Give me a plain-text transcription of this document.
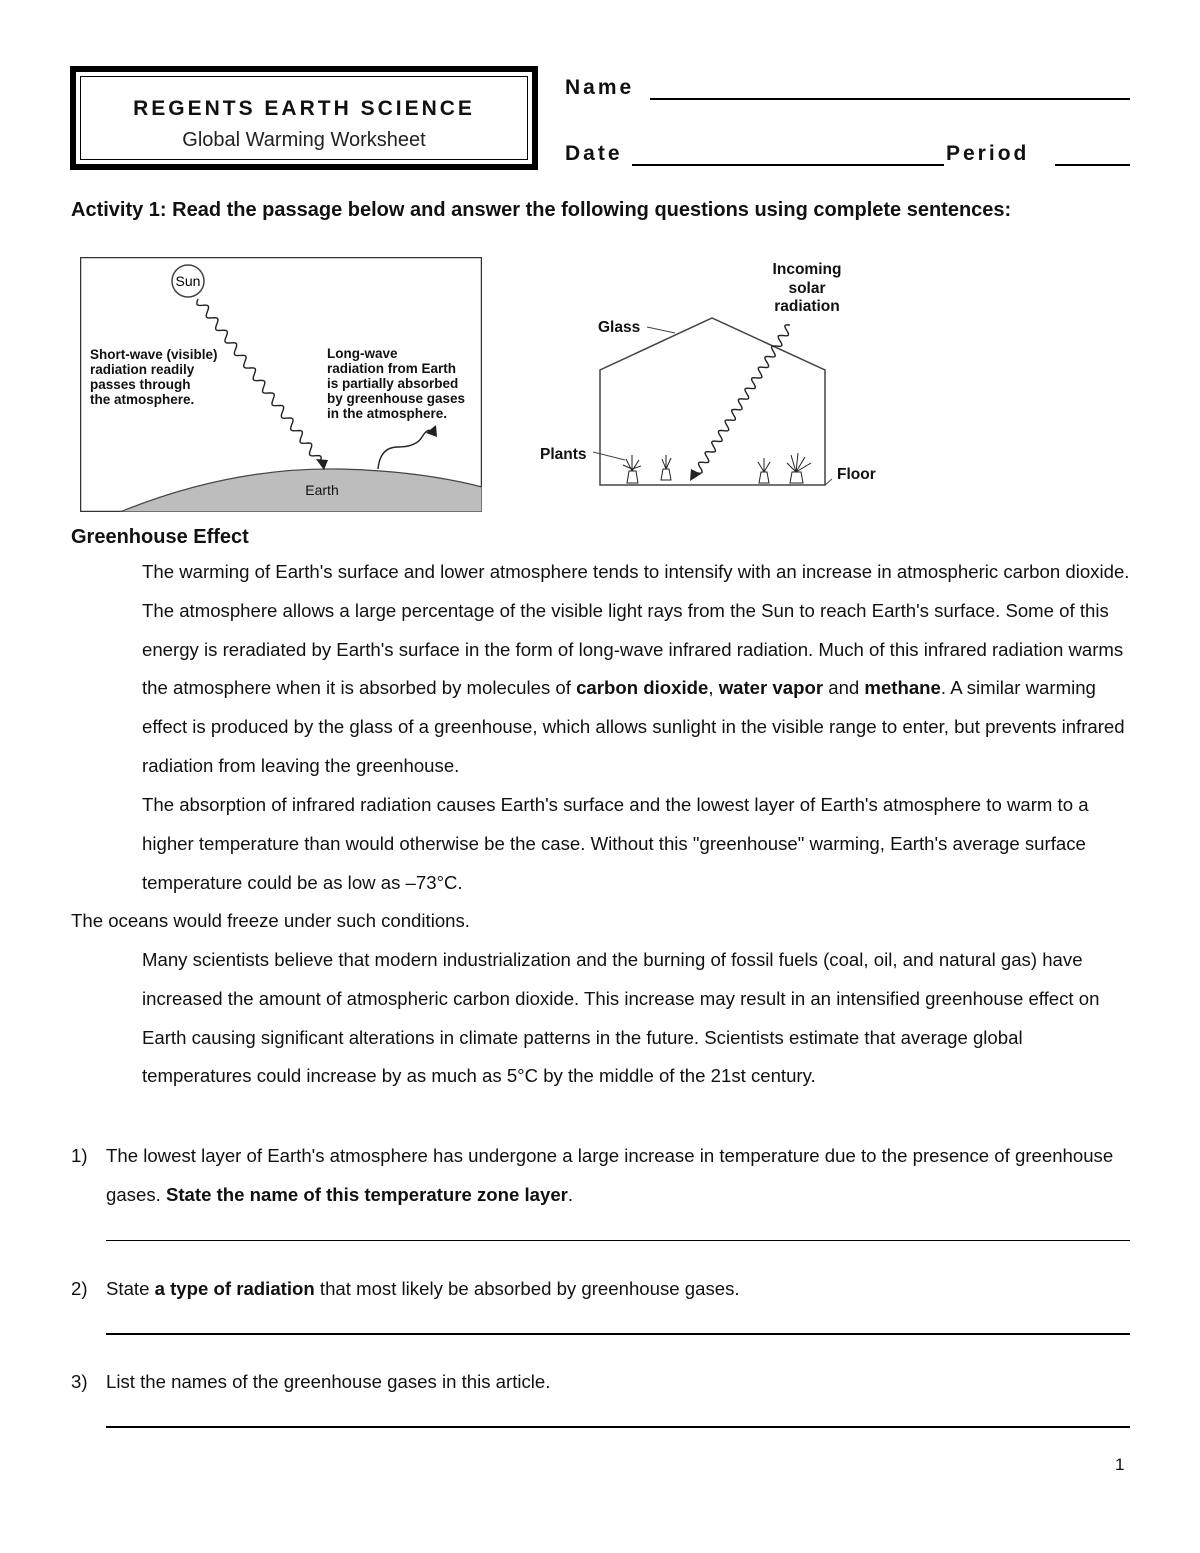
REGENTS EARTH SCIENCE
Global Warming Worksheet
Name
Date	Period
Activity 1: Read the passage below and answer the following questions using complete sentences:
Sun
Short-wave (visible)
radiation readily
passes through
the atmosphere.
Long-wave
radiation from Earth
is partially absorbed
by greenhouse gases
in the atmosphere.
Earth
Incoming
solar
radiation
Glass
Plants
Floor
Greenhouse Effect

The warming of Earth's surface and lower atmosphere tends to intensify with an increase in atmospheric carbon dioxide. The atmosphere allows a large percentage of the visible light rays from the Sun to reach Earth's surface. Some of this energy is reradiated by Earth's surface in the form of long-wave infrared radiation. Much of this infrared radiation warms the atmosphere when it is absorbed by molecules of carbon dioxide, water vapor and methane. A similar warming effect is produced by the glass of a greenhouse, which allows sunlight in the visible range to enter, but prevents infrared radiation from leaving the greenhouse.

The absorption of infrared radiation causes Earth's surface and the lowest layer of Earth's atmosphere to warm to a higher temperature than would otherwise be the case. Without this "greenhouse" warming, Earth's average surface temperature could be as low as –73°C.

The oceans would freeze under such conditions.

Many scientists believe that modern industrialization and the burning of fossil fuels (coal, oil, and natural gas) have increased the amount of atmospheric carbon dioxide. This increase may result in an intensified greenhouse effect on Earth causing significant alterations in climate patterns in the future. Scientists estimate that average global temperatures could increase by as much as 5°C by the middle of the 21st century.

1) The lowest layer of Earth's atmosphere has undergone a large increase in temperature due to the presence of greenhouse gases. State the name of this temperature zone layer.
2) State a type of radiation that most likely be absorbed by greenhouse gases.
3) List the names of the greenhouse gases in this article.
1
